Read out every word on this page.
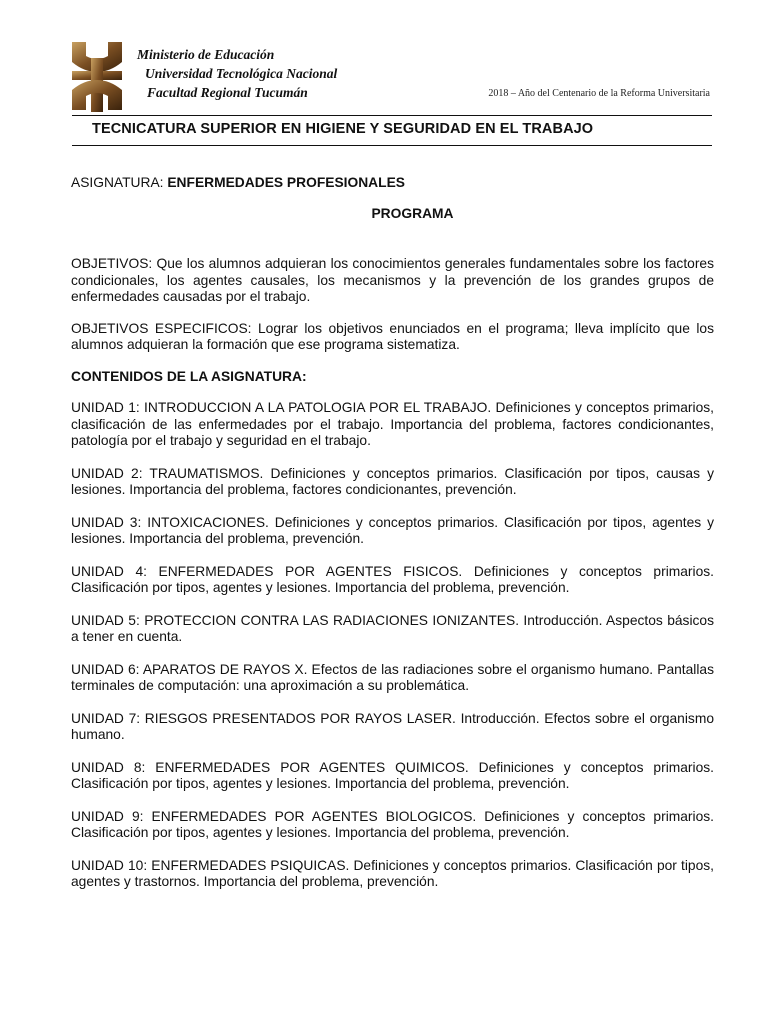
Ministerio de Educación
Universidad Tecnológica Nacional
Facultad Regional Tucumán	2018 – Año del Centenario de la Reforma Universitaria
TECNICATURA SUPERIOR EN HIGIENE Y SEGURIDAD EN EL TRABAJO

ASIGNATURA: ENFERMEDADES PROFESIONALES

PROGRAMA

OBJETIVOS: Que los alumnos adquieran los conocimientos generales fundamentales sobre los factores condicionales, los agentes causales, los mecanismos y la prevención de los grandes grupos de enfermedades causadas por el trabajo.

OBJETIVOS ESPECIFICOS: Lograr los objetivos enunciados en el programa; lleva implícito que los alumnos adquieran la formación que ese programa sistematiza.

CONTENIDOS DE LA ASIGNATURA:

UNIDAD 1: INTRODUCCION A LA PATOLOGIA POR EL TRABAJO. Definiciones y conceptos primarios, clasificación de las enfermedades por el trabajo. Importancia del problema, factores condicionantes, patología por el trabajo y seguridad en el trabajo.

UNIDAD 2: TRAUMATISMOS. Definiciones y conceptos primarios. Clasificación por tipos, causas y lesiones. Importancia del problema, factores condicionantes, prevención.

UNIDAD 3: INTOXICACIONES. Definiciones y conceptos primarios. Clasificación por tipos, agentes y lesiones. Importancia del problema, prevención.

UNIDAD 4: ENFERMEDADES POR AGENTES FISICOS. Definiciones y conceptos primarios. Clasificación por tipos, agentes y lesiones. Importancia del problema, prevención.

UNIDAD 5: PROTECCION CONTRA LAS RADIACIONES IONIZANTES. Introducción. Aspectos básicos a tener en cuenta.

UNIDAD 6: APARATOS DE RAYOS X. Efectos de las radiaciones sobre el organismo humano. Pantallas terminales de computación: una aproximación a su problemática.

UNIDAD 7: RIESGOS PRESENTADOS POR RAYOS LASER. Introducción. Efectos sobre el organismo humano.

UNIDAD 8: ENFERMEDADES POR AGENTES QUIMICOS. Definiciones y conceptos primarios. Clasificación por tipos, agentes y lesiones. Importancia del problema, prevención.

UNIDAD 9: ENFERMEDADES POR AGENTES BIOLOGICOS. Definiciones y conceptos primarios. Clasificación por tipos, agentes y lesiones. Importancia del problema, prevención.

UNIDAD 10: ENFERMEDADES PSIQUICAS. Definiciones y conceptos primarios. Clasificación por tipos, agentes y trastornos. Importancia del problema, prevención.
